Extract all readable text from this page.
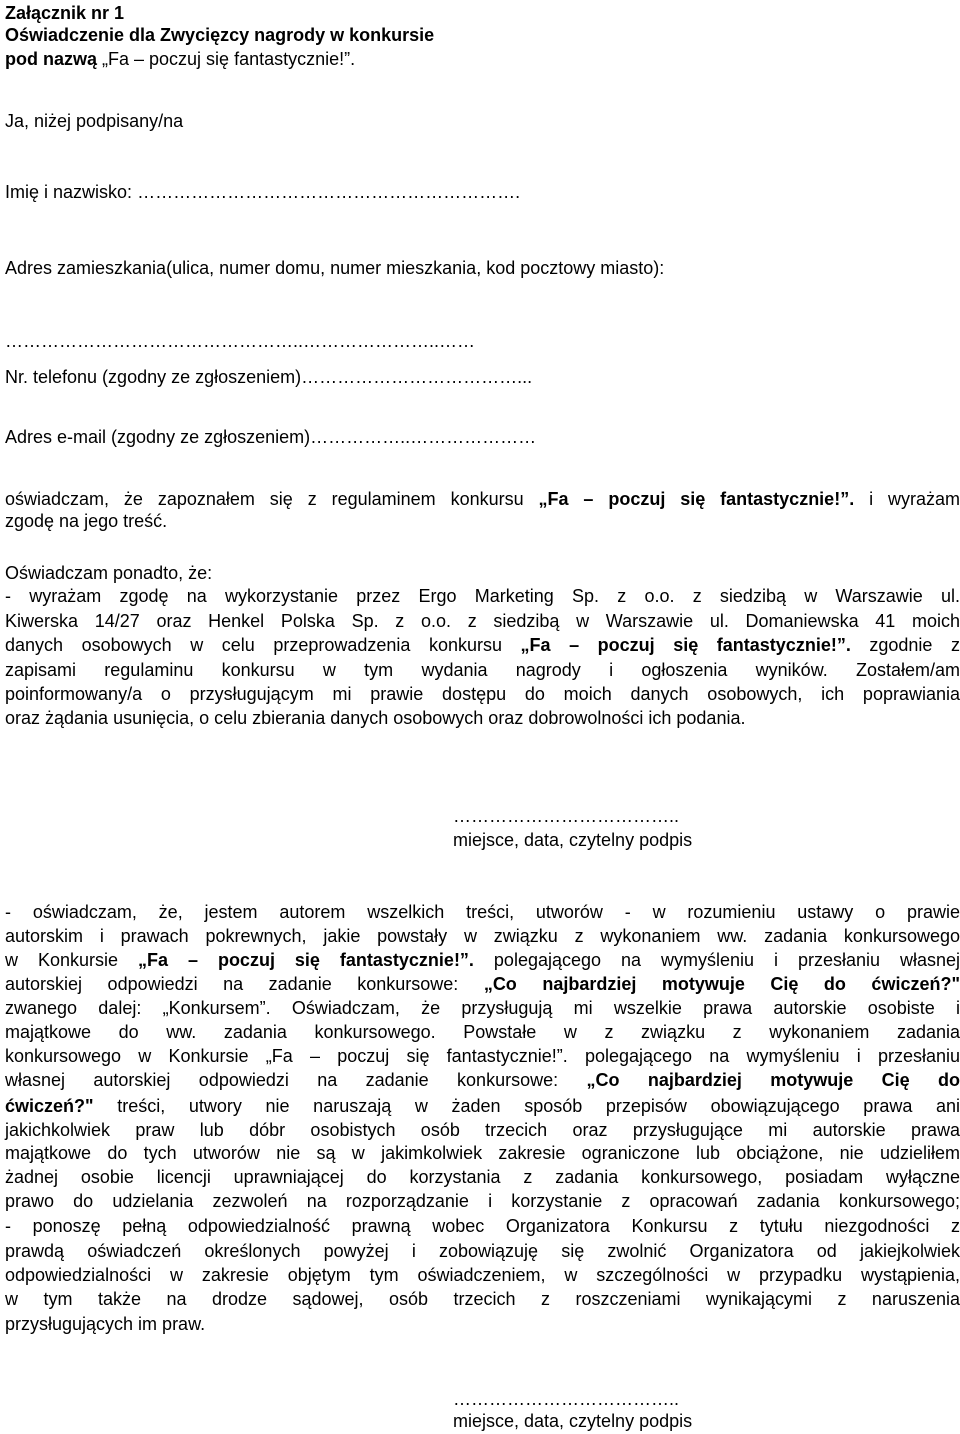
Załącznik nr 1
Oświadczenie dla Zwycięzcy nagrody w konkursie
pod nazwą „Fa – poczuj się fantastycznie!”.
Ja, niżej podpisany/na
Imię i nazwisko: ……………………………………………………….
Adres zamieszkania(ulica, numer domu, numer mieszkania, kod pocztowy miasto):
…………………………………………..…………………..……
Nr. telefonu (zgodny ze zgłoszeniem)………………………………...
Adres e-mail (zgodny ze zgłoszeniem)……………..…………………
oświadczam, że zapoznałem się z regulaminem konkursu „Fa – poczuj się fantastycznie!”. i wyrażam
zgodę na jego treść.
Oświadczam ponadto, że:
- wyrażam zgodę na wykorzystanie przez Ergo Marketing Sp. z o.o. z siedzibą w Warszawie ul.
Kiwerska 14/27 oraz Henkel Polska Sp. z o.o. z siedzibą w Warszawie ul. Domaniewska 41 moich
danych osobowych w celu przeprowadzenia konkursu „Fa – poczuj się fantastycznie!”. zgodnie z
zapisami regulaminu konkursu w tym wydania nagrody i ogłoszenia wyników. Zostałem/am
poinformowany/a o przysługującym mi prawie dostępu do moich danych osobowych, ich poprawiania
oraz żądania usunięcia, o celu zbierania danych osobowych oraz dobrowolności ich podania.
………………………………..
miejsce, data, czytelny podpis
- oświadczam, że, jestem autorem wszelkich treści, utworów - w rozumieniu ustawy o prawie
autorskim i prawach pokrewnych, jakie powstały w związku z wykonaniem ww. zadania konkursowego
w Konkursie „Fa – poczuj się fantastycznie!”. polegającego na wymyśleniu i przesłaniu własnej
autorskiej odpowiedzi na zadanie konkursowe: „Co najbardziej motywuje Cię do ćwiczeń?"
zwanego dalej: „Konkursem”. Oświadczam, że przysługują mi wszelkie prawa autorskie osobiste i
majątkowe do ww. zadania konkursowego. Powstałe w z związku z wykonaniem zadania
konkursowego w Konkursie „Fa – poczuj się fantastycznie!”. polegającego na wymyśleniu i przesłaniu
własnej autorskiej odpowiedzi na zadanie konkursowe: „Co najbardziej motywuje Cię do
ćwiczeń?" treści, utwory nie naruszają w żaden sposób przepisów obowiązującego prawa ani
jakichkolwiek praw lub dóbr osobistych osób trzecich oraz przysługujące mi autorskie prawa
majątkowe do tych utworów nie są w jakimkolwiek zakresie ograniczone lub obciążone, nie udzieliłem
żadnej osobie licencji uprawniającej do korzystania z zadania konkursowego, posiadam wyłączne
prawo do udzielania zezwoleń na rozporządzanie i korzystanie z opracowań zadania konkursowego;
- ponoszę pełną odpowiedzialność prawną wobec Organizatora Konkursu z tytułu niezgodności z
prawdą oświadczeń określonych powyżej i zobowiązuję się zwolnić Organizatora od jakiejkolwiek
odpowiedzialności w zakresie objętym tym oświadczeniem, w szczególności w przypadku wystąpienia,
w tym także na drodze sądowej, osób trzecich z roszczeniami wynikającymi z naruszenia
przysługujących im praw.
………………………………..
miejsce, data, czytelny podpis
